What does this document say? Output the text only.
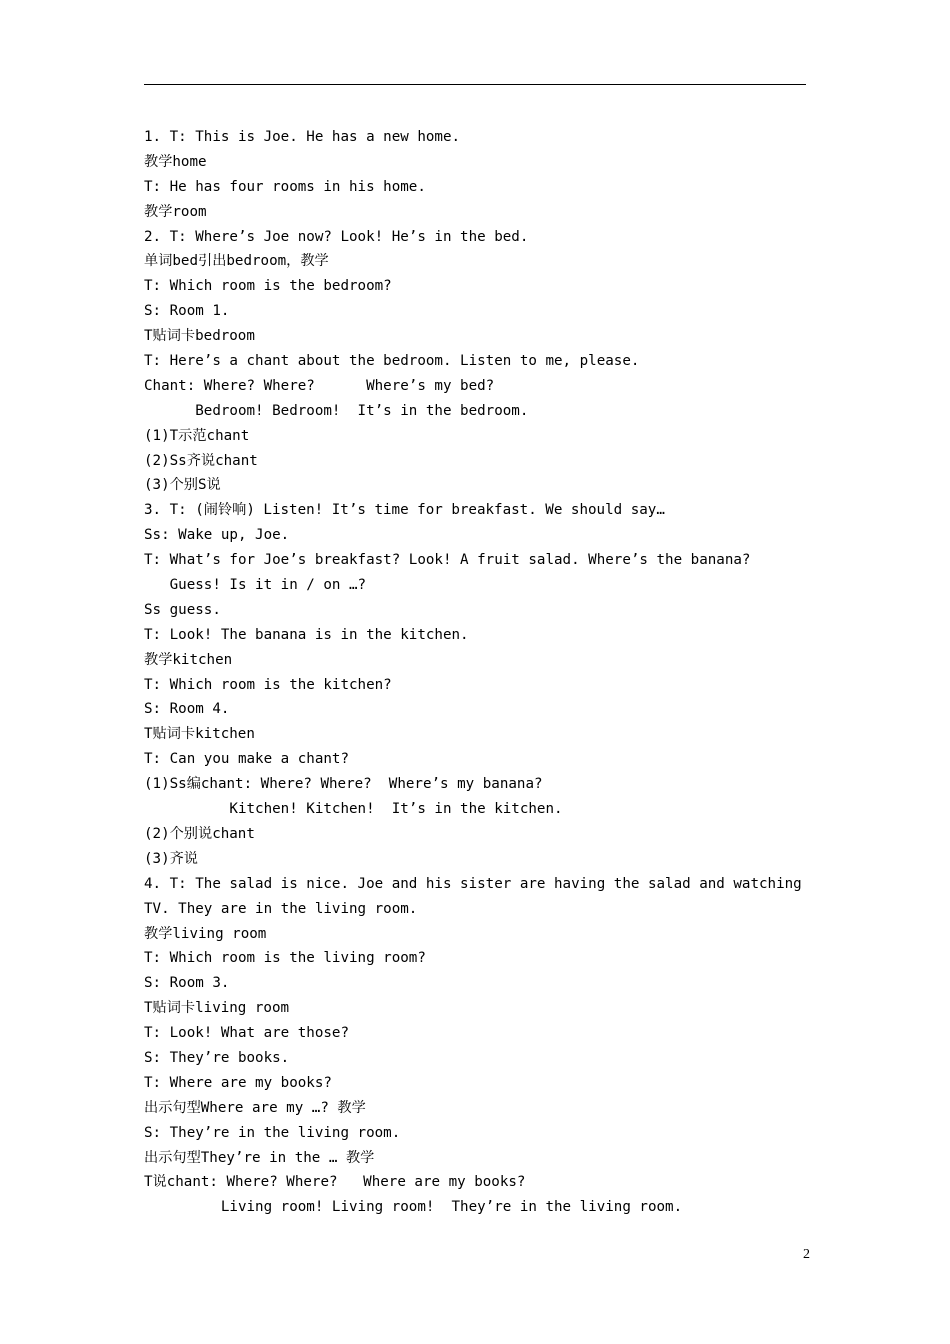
1. T: This is Joe. He has a new home.
教学home
T: He has four rooms in his home.
教学room
2. T: Where’s Joe now? Look! He’s in the bed.
单词bed引出bedroom，教学
T: Which room is the bedroom?
S: Room 1.
T贴词卡bedroom
T: Here’s a chant about the bedroom. Listen to me, please.
Chant: Where? Where?      Where’s my bed?
Bedroom! Bedroom!  It’s in the bedroom.
(1)T示范chant
(2)Ss齐说chant
(3)个别S说
3. T: (闹铃响) Listen! It’s time for breakfast. We should say…
Ss: Wake up, Joe.
T: What’s for Joe’s breakfast? Look! A fruit salad. Where’s the banana?
Guess! Is it in / on …?
Ss guess.
T: Look! The banana is in the kitchen.
教学kitchen
T: Which room is the kitchen?
S: Room 4.
T贴词卡kitchen
T: Can you make a chant?
(1)Ss编chant: Where? Where?  Where’s my banana?
Kitchen! Kitchen!  It’s in the kitchen.
(2)个别说chant
(3)齐说
4. T: The salad is nice. Joe and his sister are having the salad and watching
TV. They are in the living room.
教学living room
T: Which room is the living room?
S: Room 3.
T贴词卡living room
T: Look! What are those?
S: They’re books.
T: Where are my books?
出示句型Where are my …? 教学
S: They’re in the living room.
出示句型They’re in the … 教学
T说chant: Where? Where?   Where are my books?
Living room! Living room!  They’re in the living room.
2
